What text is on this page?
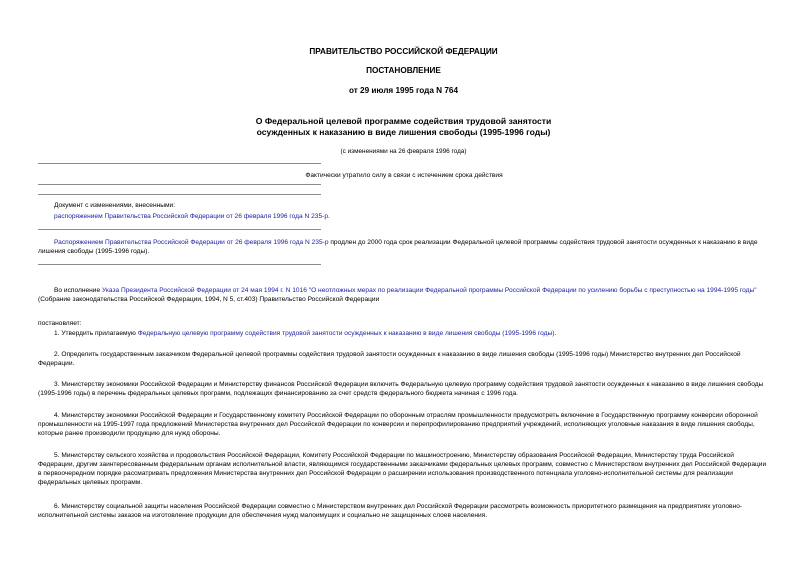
ПРАВИТЕЛЬСТВО РОССИЙСКОЙ ФЕДЕРАЦИИ
ПОСТАНОВЛЕНИЕ
от 29 июля 1995 года N 764
О Федеральной целевой программе содействия трудовой занятости
осужденных к наказанию в виде лишения свободы (1995-1996 годы)
(с изменениями на 26 февраля 1996 года)
Фактически утратило силу в связи с истечением срока действия

Документ с изменениями, внесенными:

распоряжением Правительства Российской Федерации от 26 февраля 1996 года N 235-р.

Распоряжением Правительства Российской Федерации от 26 февраля 1996 года N 235-р продлен до 2000 года срок реализации Федеральной целевой программы содействия трудовой занятости осужденных к наказанию в виде лишения свободы (1995-1996 годы).

Во исполнение Указа Президента Российской Федерации от 24 мая 1994 г. N 1016 "О неотложных мерах по реализации Федеральной программы Российской Федерации по усилению борьбы с преступностью на 1994-1995 годы" (Собрание законодательства Российской Федерации, 1994, N 5, ст.403) Правительство Российской Федерации

постановляет:

1. Утвердить прилагаемую Федеральную целевую программу содействия трудовой занятости осужденных к наказанию в виде лишения свободы (1995-1996 годы).

2. Определить государственным заказчиком Федеральной целевой программы содействия трудовой занятости осужденных к наказанию в виде лишения свободы (1995-1996 годы) Министерство внутренних дел Российской Федерации.

3. Министерству экономики Российской Федерации и Министерству финансов Российской Федерации включить Федеральную целевую программу содействия трудовой занятости осужденных к наказанию в виде лишения свободы (1995-1996 годы) в перечень федеральных целевых программ, подлежащих финансированию за счет средств федерального бюджета начиная с 1996 года.

4. Министерству экономики Российской Федерации и Государственному комитету Российской Федерации по оборонным отраслям промышленности предусмотреть включение в Государственную программу конверсии оборонной промышленности на 1995-1997 года предложений Министерства внутренних дел Российской Федерации по конверсии и перепрофилированию предприятий учреждений, исполняющих уголовные наказания в виде лишения свободы, которые ранее производили продукцию для нужд обороны.

5. Министерству сельского хозяйства и продовольствия Российской Федерации, Комитету Российской Федерации по машиностроению, Министерству образования Российской Федерации, Министерству труда Российской Федерации, другим заинтересованным федеральным органам исполнительной власти, являющимся государственными заказчиками федеральных целевых программ, совместно с Министерством внутренних дел Российской Федерации в первоочередном порядке рассматривать предложения Министерства внутренних дел Российской Федерации о расширении использования производственного потенциала уголовно-исполнительной системы для реализации федеральных целевых программ.

6. Министерству социальной защиты населения Российской Федерации совместно с Министерством внутренних дел Российской Федерации рассмотреть возможность приоритетного размещения на предприятиях уголовно-исполнительной системы заказов на изготовление продукции для обеспечения нужд малоимущих и социально не защищенных слоев населения.
